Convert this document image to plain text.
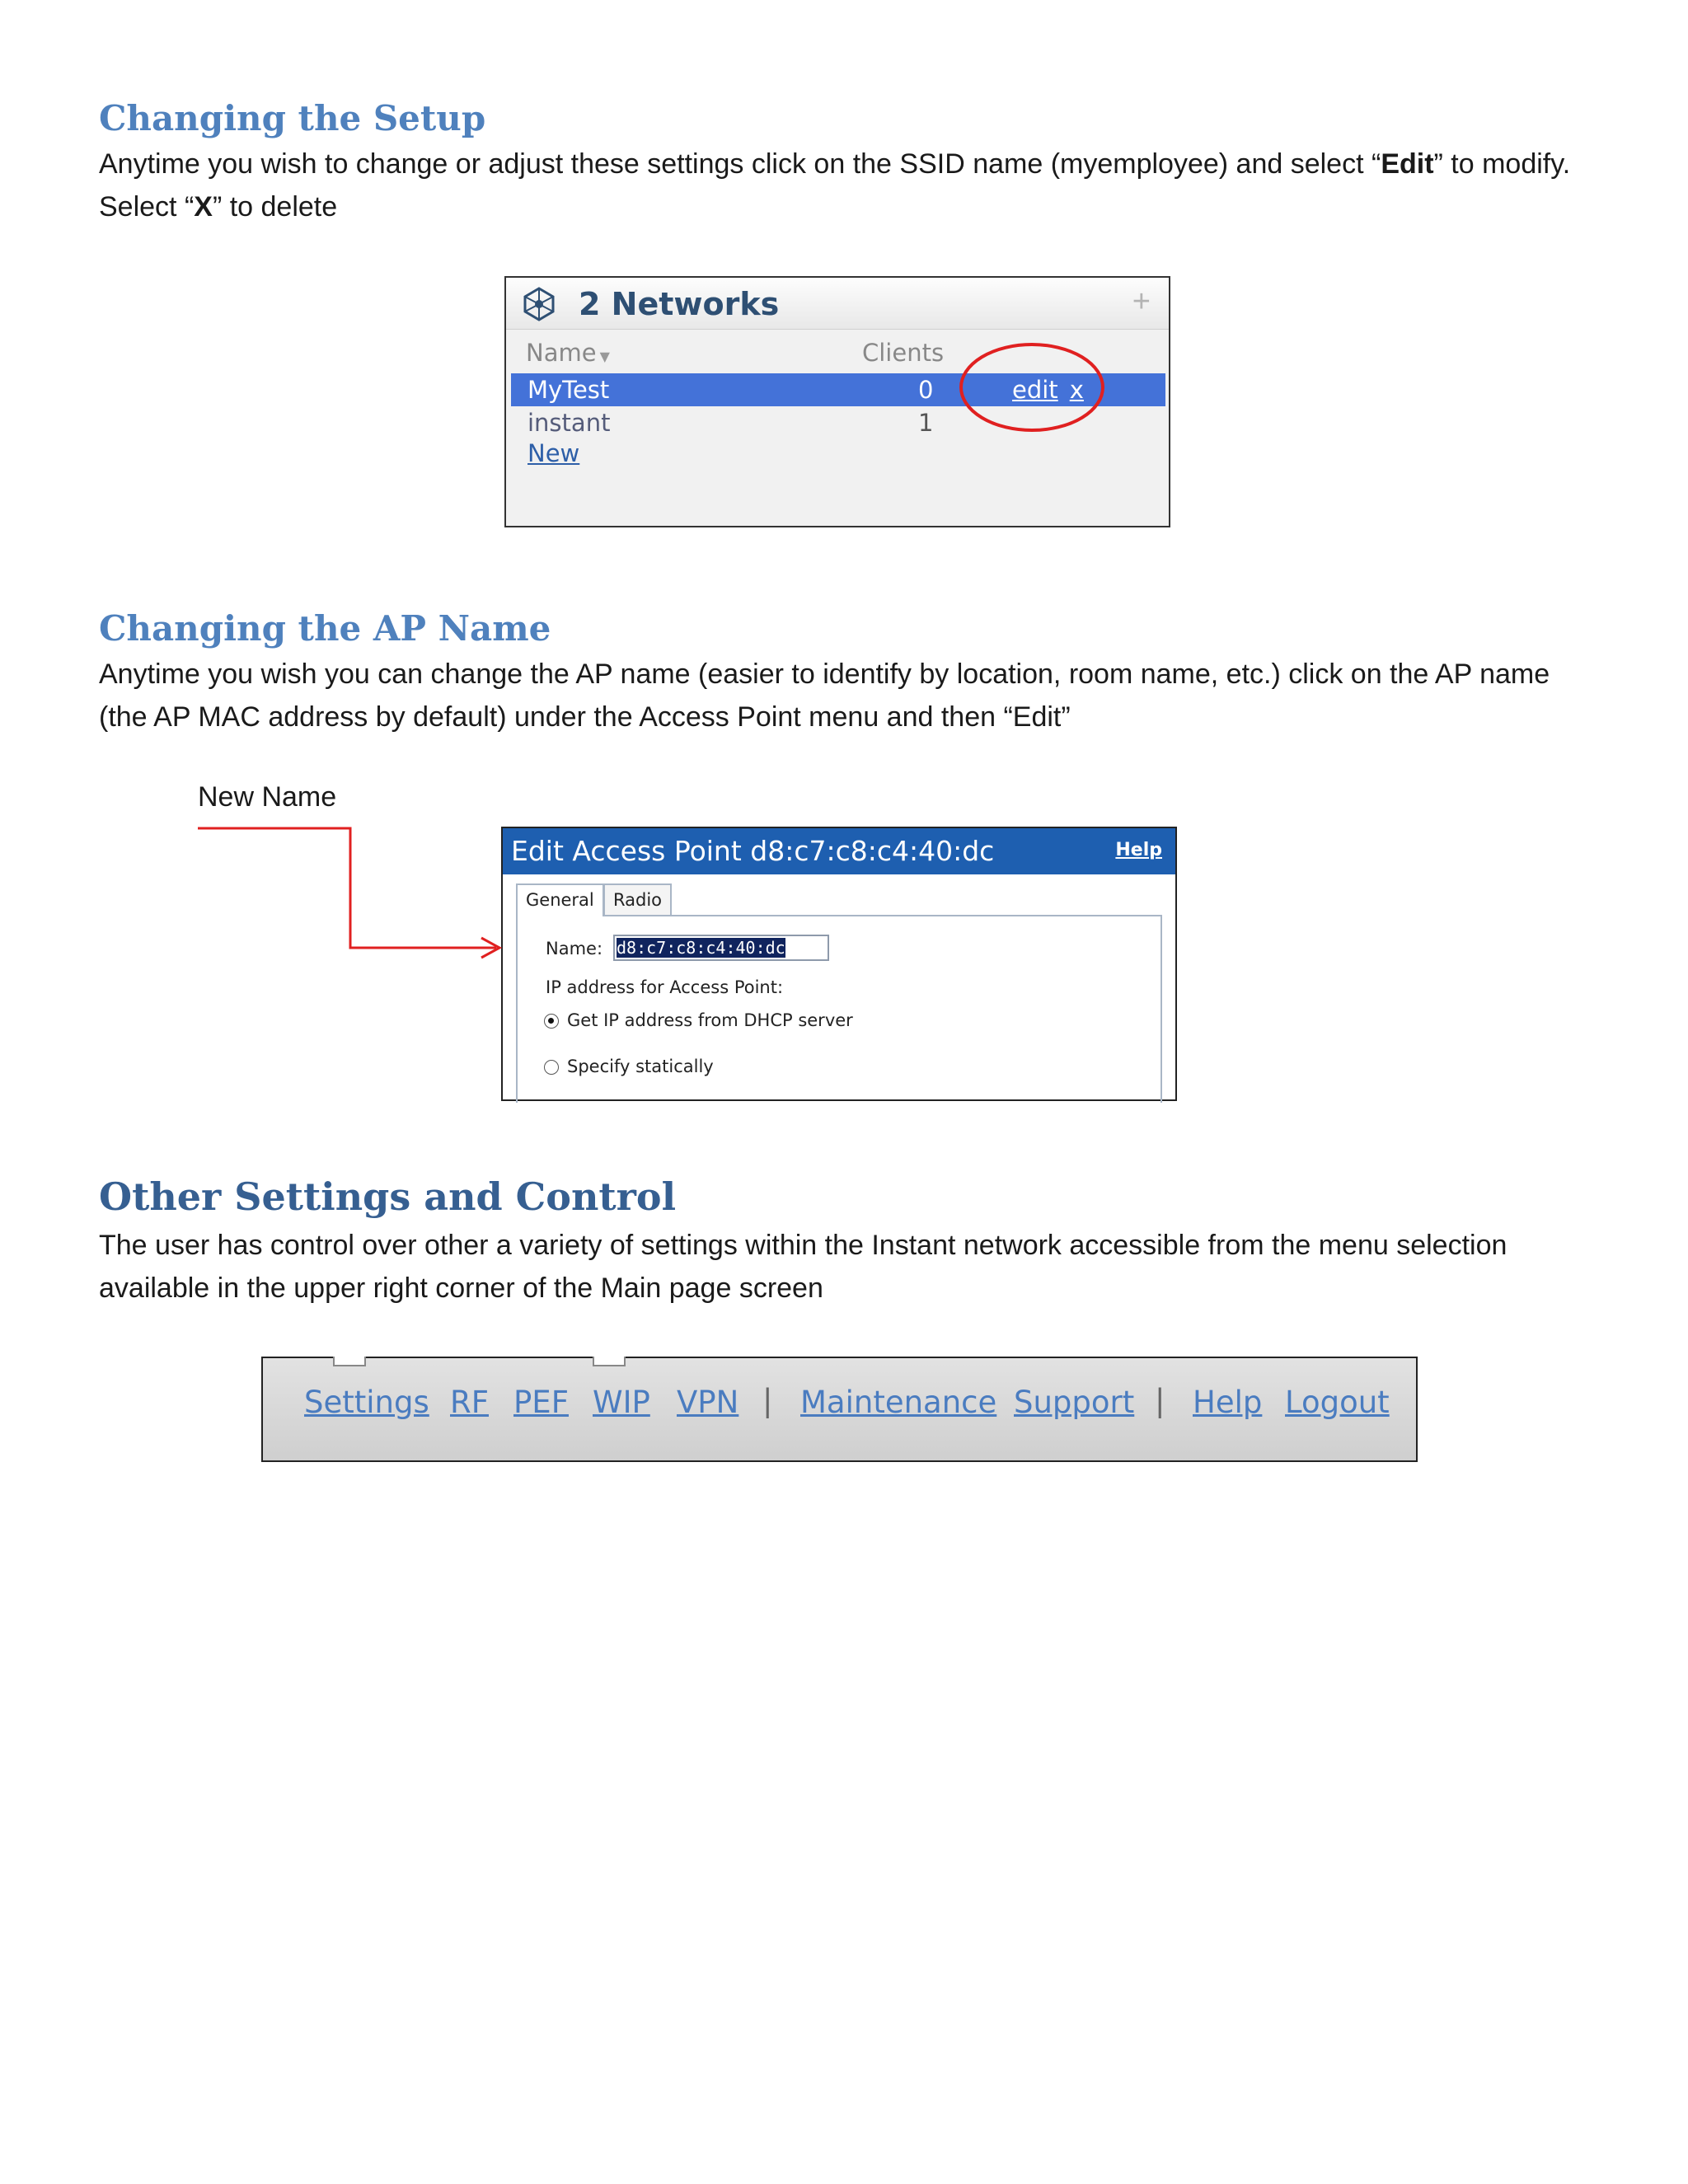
Changing the Setup

Anytime you wish to change or adjust these settings click on the SSID name (myemployee) and select “Edit” to modify.
Select “X” to delete

2 Networks	+
Name ▼	Clients
MyTest	0	edit x
instant	1
New
Changing the AP Name

Anytime you wish you can change the AP name (easier to identify by location, room name, etc.) click on the AP name
(the AP MAC address by default) under the Access Point menu and then “Edit”

New Name
Edit Access Point d8:c7:c8:c4:40:dc	Help
General	Radio
Name: d8:c7:c8:c4:40:dc
IP address for Access Point:
Get IP address from DHCP server
Specify statically
Other Settings and Control

The user has control over other a variety of settings within the Instant network accessible from the menu selection
available in the upper right corner of the Main page screen

Settings RF PEF WIP VPN | Maintenance Support | Help Logout
